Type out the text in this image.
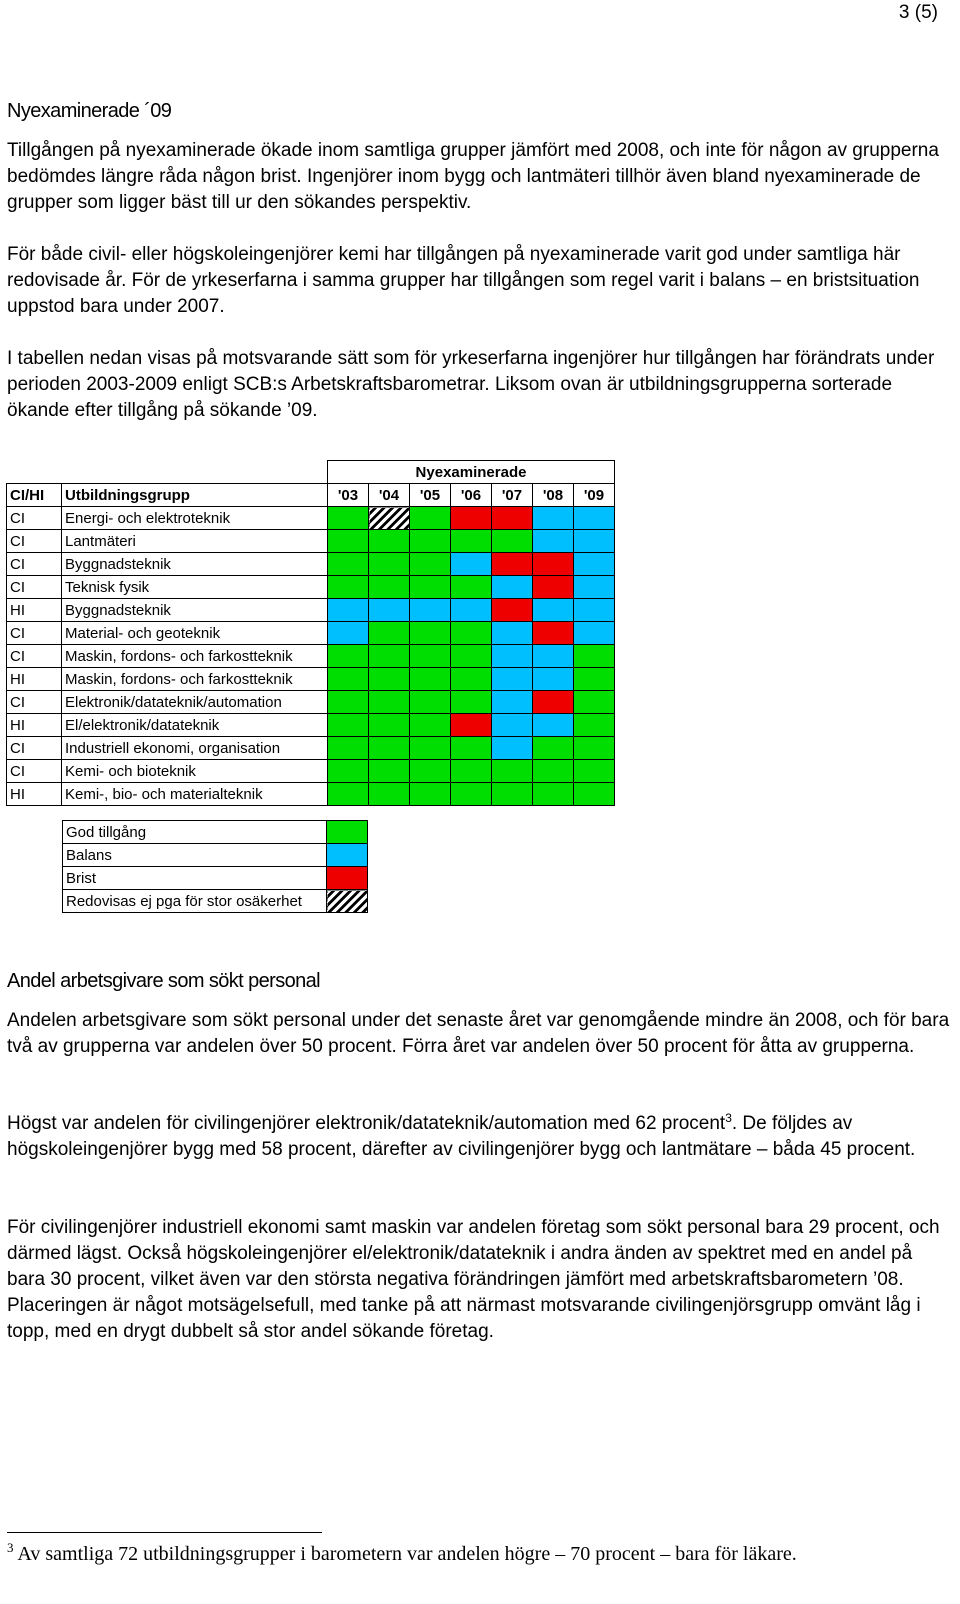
3 (5)
Nyexaminerade ´09

Tillgången på nyexaminerade ökade inom samtliga grupper jämfört med 2008, och inte för någon av grupperna bedömdes längre råda någon brist. Ingenjörer inom bygg och lantmäteri tillhör även bland nyexaminerade de grupper som ligger bäst till ur den sökandes perspektiv.

För både civil- eller högskoleingenjörer kemi har tillgången på nyexaminerade varit god under samtliga här redovisade år. För de yrkeserfarna i samma grupper har tillgången som regel varit i balans – en bristsituation uppstod bara under 2007.

I tabellen nedan visas på motsvarande sätt som för yrkeserfarna ingenjörer hur tillgången har förändrats under perioden 2003-2009 enligt SCB:s Arbetskraftsbarometrar. Liksom ovan är utbildningsgrupperna sorterade ökande efter tillgång på sökande ’09.

		Nyexaminerade						
CI/HI	Utbildningsgrupp	'03	'04	'05	'06	'07	'08	'09
CI	Energi- och elektroteknik							
CI	Lantmäteri							
CI	Byggnadsteknik							
CI	Teknisk fysik							
HI	Byggnadsteknik							
CI	Material- och geoteknik							
CI	Maskin, fordons- och farkostteknik							
HI	Maskin, fordons- och farkostteknik							
CI	Elektronik/datateknik/automation							
HI	El/elektronik/datateknik							
CI	Industriell ekonomi, organisation							
CI	Kemi- och bioteknik							
HI	Kemi-, bio- och materialteknik							
God tillgång	
Balans	
Brist	
Redovisas ej pga för stor osäkerhet	
Andel arbetsgivare som sökt personal

Andelen arbetsgivare som sökt personal under det senaste året var genomgående mindre än 2008, och för bara två av grupperna var andelen över 50 procent. Förra året var andelen över 50 procent för åtta av grupperna.

Högst var andelen för civilingenjörer elektronik/datateknik/automation med 62 procent$^3$. De följdes av högskoleingenjörer bygg med 58 procent, därefter av civilingenjörer bygg och lantmätare – båda 45 procent.

För civilingenjörer industriell ekonomi samt maskin var andelen företag som sökt personal bara 29 procent, och därmed lägst. Också högskoleingenjörer el/elektronik/datateknik i andra änden av spektret med en andel på bara 30 procent, vilket även var den största negativa förändringen jämfört med arbetskraftsbarometern ’08. Placeringen är något motsägelsefull, med tanke på att närmast motsvarande civilingenjörsgrupp omvänt låg i topp, med en drygt dubbelt så stor andel sökande företag.

$^3$ Av samtliga 72 utbildningsgrupper i barometern var andelen högre – 70 procent – bara för läkare.
